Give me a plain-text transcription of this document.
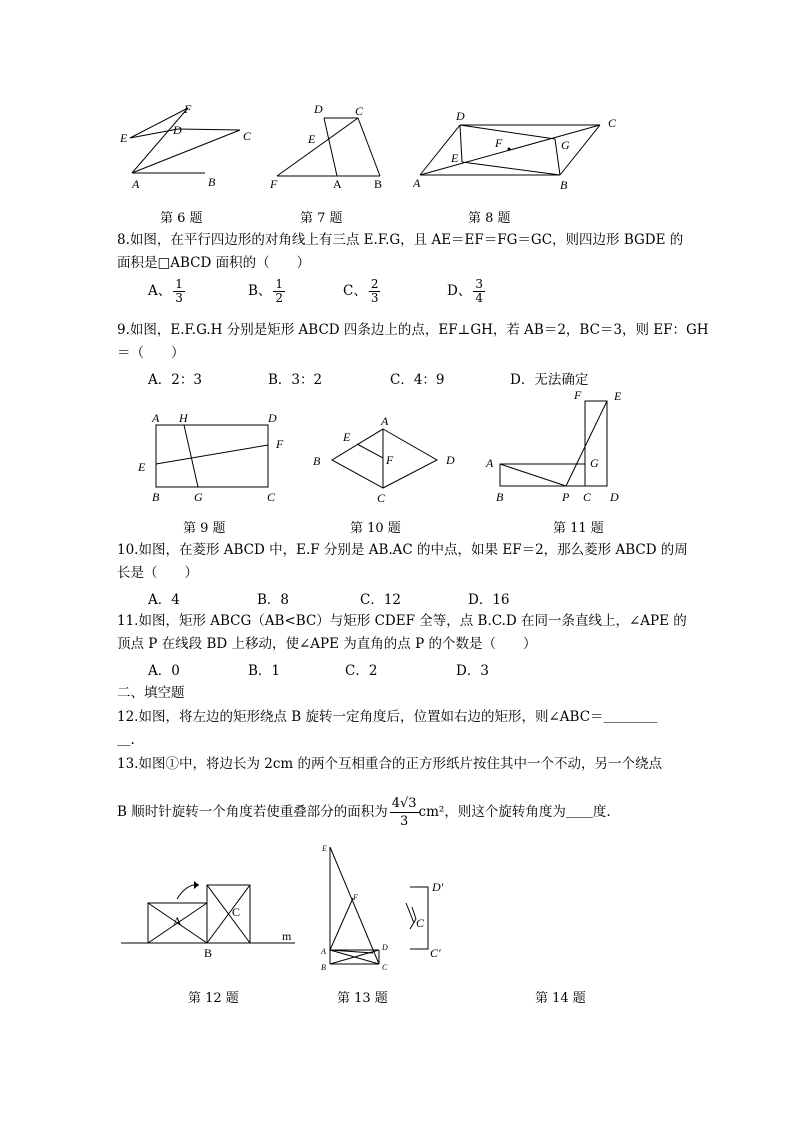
F
E
D	C
A	B
第 6 题
D	C
E
F	A	B
第 7 题
D	C
F
E
G
A	B
第 8 题
8.如图，在平行四边形的对角线上有三点 E.F.G，且 AE＝EF＝FG＝GC，则四边形 BGDE 的
面积是□ABCD 面积的（　　）
A、 $\frac{1}{3}$	B、 $\frac{1}{2}$	C、 $\frac{2}{3}$	D、 $\frac{3}{4}$
9.如图，E.F.G.H 分别是矩形 ABCD 四条边上的点，EF⊥GH，若 AB＝2，BC＝3，则 EF：GH
＝（　　）
A．2：3	B．3：2	C．4：9	D．无法确定
A H	D
F
E
B	G	C
第 9 题
A
E
B	F	D
C
第 10 题
F	E
A	G
B	P C D
第 11 题
10.如图，在菱形 ABCD 中，E.F 分别是 AB.AC 的中点，如果 EF＝2，那么菱形 ABCD 的周
长是（　　）
A．4	B．8	C．12	D．16
11.如图，矩形 ABCG（AB<BC）与矩形 CDEF 全等，点 B.C.D 在同一条直线上，∠APE 的
顶点 P 在线段 BD 上移动，使∠APE 为直角的点 P 的个数是（　　）
A．0	B．1	C．2	D．3
二、填空题
12.如图，将左边的矩形绕点 B 旋转一定角度后，位置如右边的矩形，则∠ABC＝＿＿＿＿
＿.
13.如图①中，将边长为 2cm 的两个互相重合的正方形纸片按住其中一个不动，另一个绕点
B 顺时针旋转一个角度若使重叠部分的面积为 $\frac{4√3}{3} cm^2$，则这个旋转角度为＿＿度.
A
C
B
m
第 12 题
E
F
A	D
B	C
第 13 题
D'
C
C'
第 14 题
